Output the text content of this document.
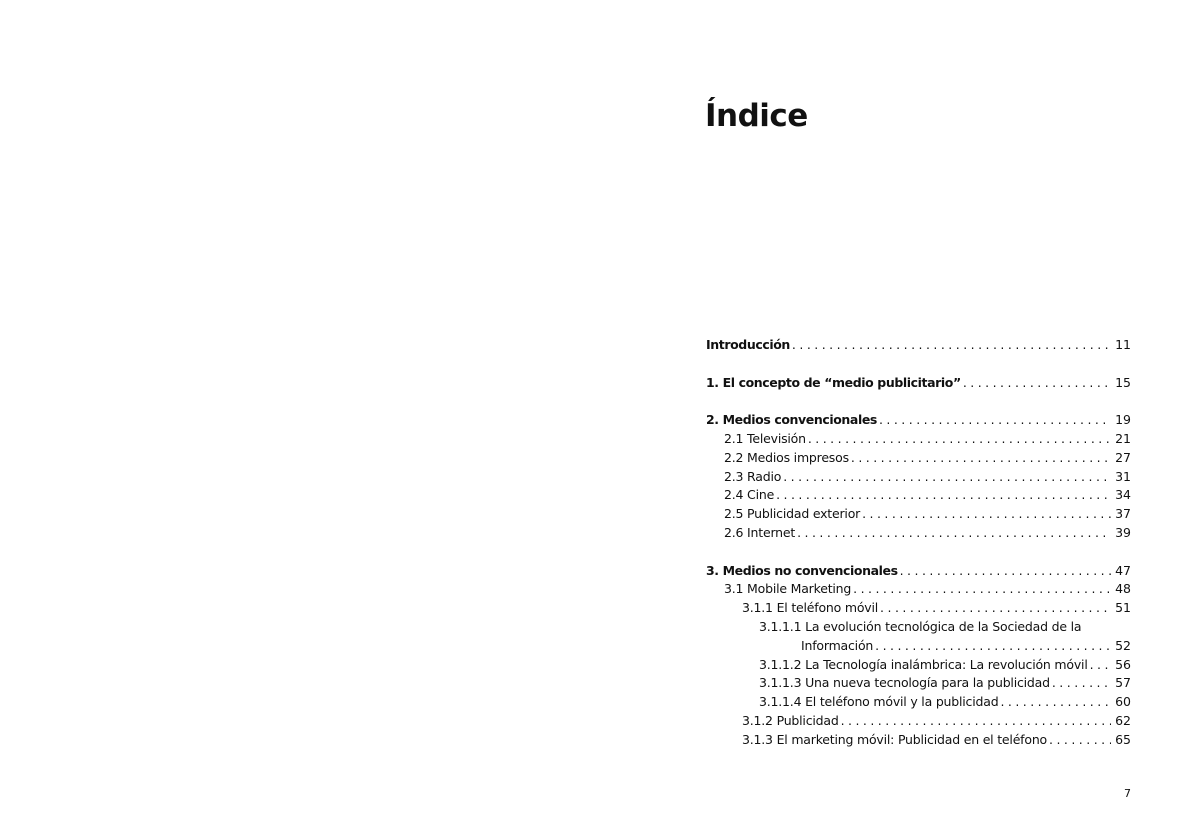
Índice
Introducción . . .	11
1. El concepto de “medio publicitario” . . .	15
2. Medios convencionales . . .	19
2.1 Televisión . . .	21
2.2 Medios impresos . . .	27
2.3 Radio . . .	31
2.4 Cine . . .	34
2.5 Publicidad exterior . . .	37
2.6 Internet . . .	39
3. Medios no convencionales . . .	47
3.1 Mobile Marketing . . .	48
3.1.1 El teléfono móvil . . .	51
3.1.1.1 La evolución tecnológica de la Sociedad de la
Información . . .	52
3.1.1.2 La Tecnología inalámbrica: La revolución móvil . . . 56
3.1.1.3 Una nueva tecnología para la publicidad . . .	57
3.1.1.4 El teléfono móvil y la publicidad . . .	60
3.1.2 Publicidad . . .	62
3.1.3 El marketing móvil: Publicidad en el teléfono . . .	65
7
